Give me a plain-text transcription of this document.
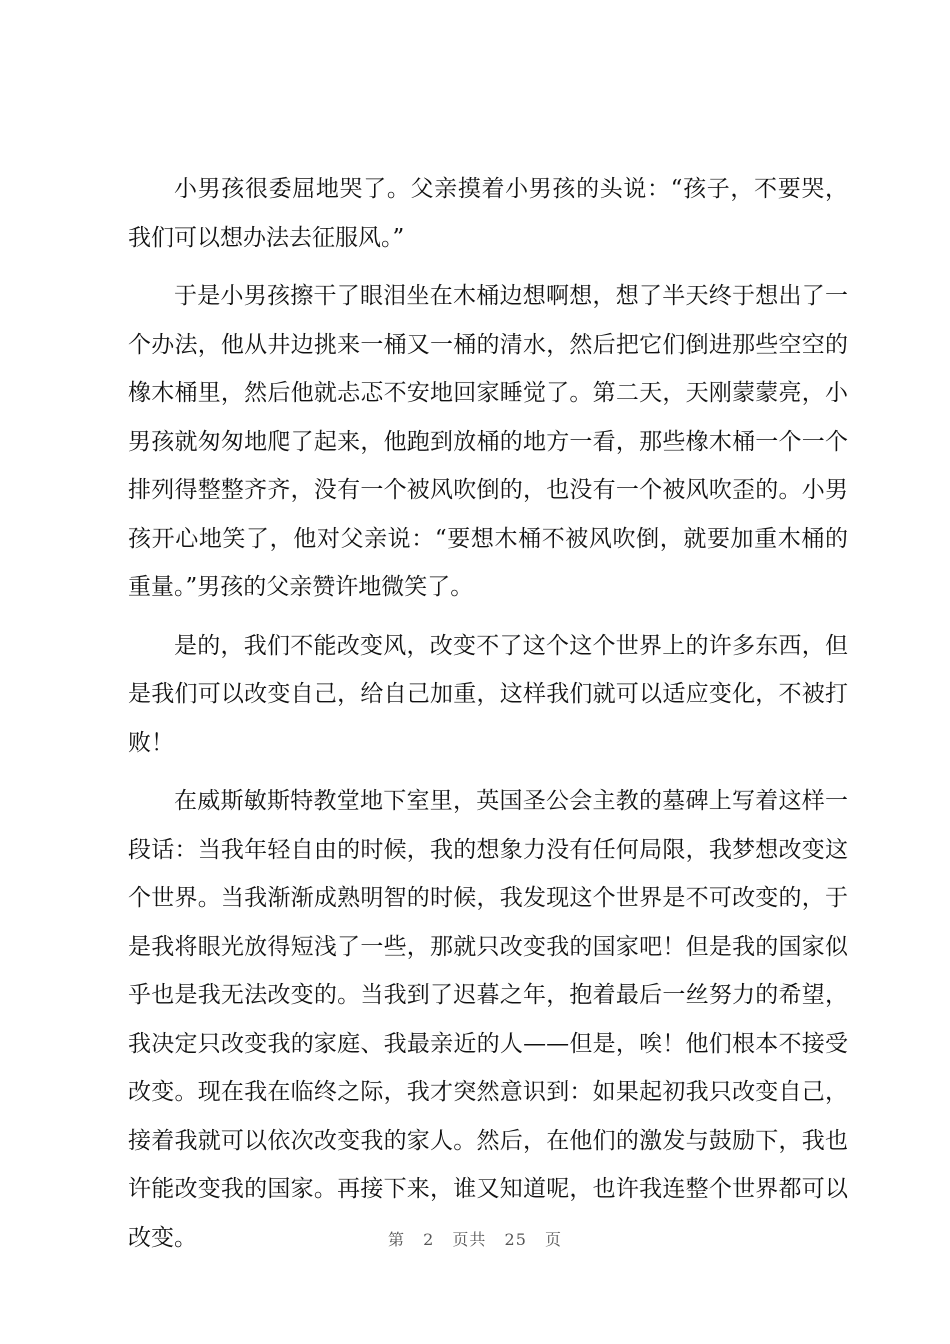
小男孩很委屈地哭了。父亲摸着小男孩的头说：“孩子，不要哭，我们可以想办法去征服风。”

于是小男孩擦干了眼泪坐在木桶边想啊想，想了半天终于想出了一个办法，他从井边挑来一桶又一桶的清水，然后把它们倒进那些空空的橡木桶里，然后他就忐忑不安地回家睡觉了。第二天，天刚蒙蒙亮，小男孩就匆匆地爬了起来，他跑到放桶的地方一看，那些橡木桶一个一个排列得整整齐齐，没有一个被风吹倒的，也没有一个被风吹歪的。小男孩开心地笑了，他对父亲说：“要想木桶不被风吹倒，就要加重木桶的重量。”男孩的父亲赞许地微笑了。

是的，我们不能改变风，改变不了这个这个世界上的许多东西，但是我们可以改变自己，给自己加重，这样我们就可以适应变化，不被打败！

在威斯敏斯特教堂地下室里，英国圣公会主教的墓碑上写着这样一段话：当我年轻自由的时候，我的想象力没有任何局限，我梦想改变这个世界。当我渐渐成熟明智的时候，我发现这个世界是不可改变的，于是我将眼光放得短浅了一些，那就只改变我的国家吧！但是我的国家似乎也是我无法改变的。当我到了迟暮之年，抱着最后一丝努力的希望，我决定只改变我的家庭、我最亲近的人——但是，唉！他们根本不接受改变。现在我在临终之际，我才突然意识到：如果起初我只改变自己，接着我就可以依次改变我的家人。然后，在他们的激发与鼓励下，我也许能改变我的国家。再接下来，谁又知道呢，也许我连整个世界都可以改变。	第 2 页共 25 页
